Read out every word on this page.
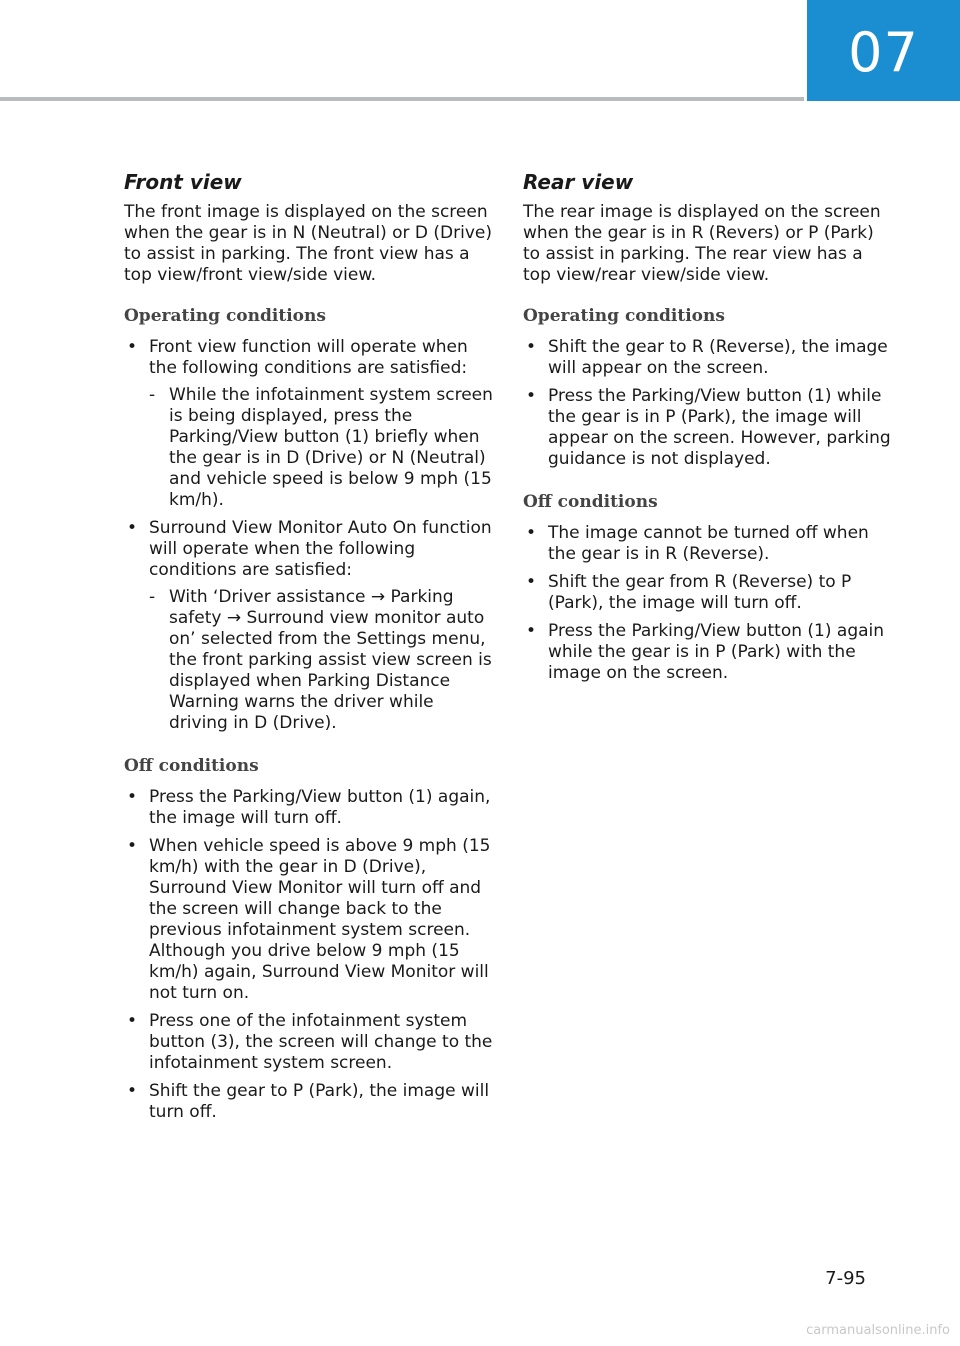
07
Front view

The front image is displayed on the screen when the gear is in N (Neutral) or D (Drive) to assist in parking. The front view has a top view/front view/side view.

Operating conditions
• Front view function will operate when the following conditions are satisfied:
- While the infotainment system screen is being displayed, press the Parking/View button (1) briefly when the gear is in D (Drive) or N (Neutral) and vehicle speed is below 9 mph (15 km/h).
• Surround View Monitor Auto On function will operate when the following conditions are satisfied:
- With ‘Driver assistance → Parking safety → Surround view monitor auto on’ selected from the Settings menu, the front parking assist view screen is displayed when Parking Distance Warning warns the driver while driving in D (Drive).
Off conditions
• Press the Parking/View button (1) again, the image will turn off.
• When vehicle speed is above 9 mph (15 km/h) with the gear in D (Drive), Surround View Monitor will turn off and the screen will change back to the previous infotainment system screen. Although you drive below 9 mph (15 km/h) again, Surround View Monitor will not turn on.
• Press one of the infotainment system button (3), the screen will change to the infotainment system screen.
• Shift the gear to P (Park), the image will turn off.
Rear view

The rear image is displayed on the screen when the gear is in R (Revers) or P (Park) to assist in parking. The rear view has a top view/rear view/side view.

Operating conditions
• Shift the gear to R (Reverse), the image will appear on the screen.
• Press the Parking/View button (1) while the gear is in P (Park), the image will appear on the screen. However, parking guidance is not displayed.
Off conditions
• The image cannot be turned off when the gear is in R (Reverse).
• Shift the gear from R (Reverse) to P (Park), the image will turn off.
• Press the Parking/View button (1) again while the gear is in P (Park) with the image on the screen.
7-95
carmanualsonline.info
